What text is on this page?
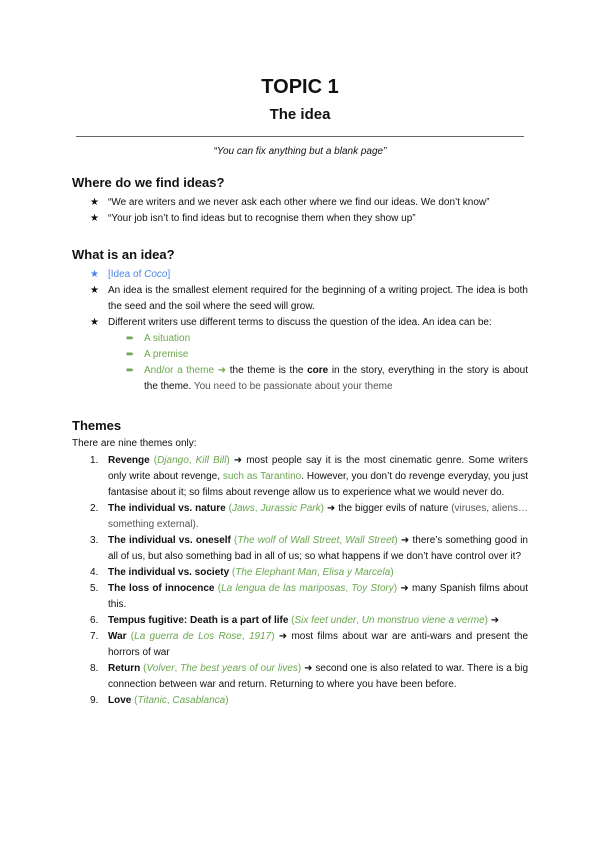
TOPIC 1
The idea

“You can fix anything but a blank page”

Where do we find ideas?
★ “We are writers and we never ask each other where we find our ideas. We don’t know”
★ “Your job isn’t to find ideas but to recognise them when they show up”
What is an idea?
★ [Idea of Coco]
★ An idea is the smallest element required for the beginning of a writing project. The idea is both the seed and the soil where the seed will grow.
★ Different writers use different terms to discuss the question of the idea. An idea can be:
➨ A situation
➨ A premise
➨ And/or a theme ➜ the theme is the core in the story, everything in the story is about the theme. You need to be passionate about your theme
Themes

There are nine themes only:

1. Revenge (Django, Kill Bill) ➜ most people say it is the most cinematic genre. Some writers only write about revenge, such as Tarantino. However, you don’t do revenge everyday, you just fantasise about it; so films about revenge allow us to experience what we would never do.
2. The individual vs. nature (Jaws, Jurassic Park) ➜ the bigger evils of nature (viruses, aliens… something external).
3. The individual vs. oneself (The wolf of Wall Street, Wall Street) ➜ there’s something good in all of us, but also something bad in all of us; so what happens if we don’t have control over it?
4. The individual vs. society (The Elephant Man, Elisa y Marcela)
5. The loss of innocence (La lengua de las mariposas, Toy Story) ➜ many Spanish films about this.
6. Tempus fugitive: Death is a part of life (Six feet under, Un monstruo viene a verme) ➜
7. War (La guerra de Los Rose, 1917) ➜ most films about war are anti-wars and present the horrors of war
8. Return (Volver, The best years of our lives) ➜ second one is also related to war. There is a big connection between war and return. Returning to where you have been before.
9. Love (Titanic, Casablanca)
